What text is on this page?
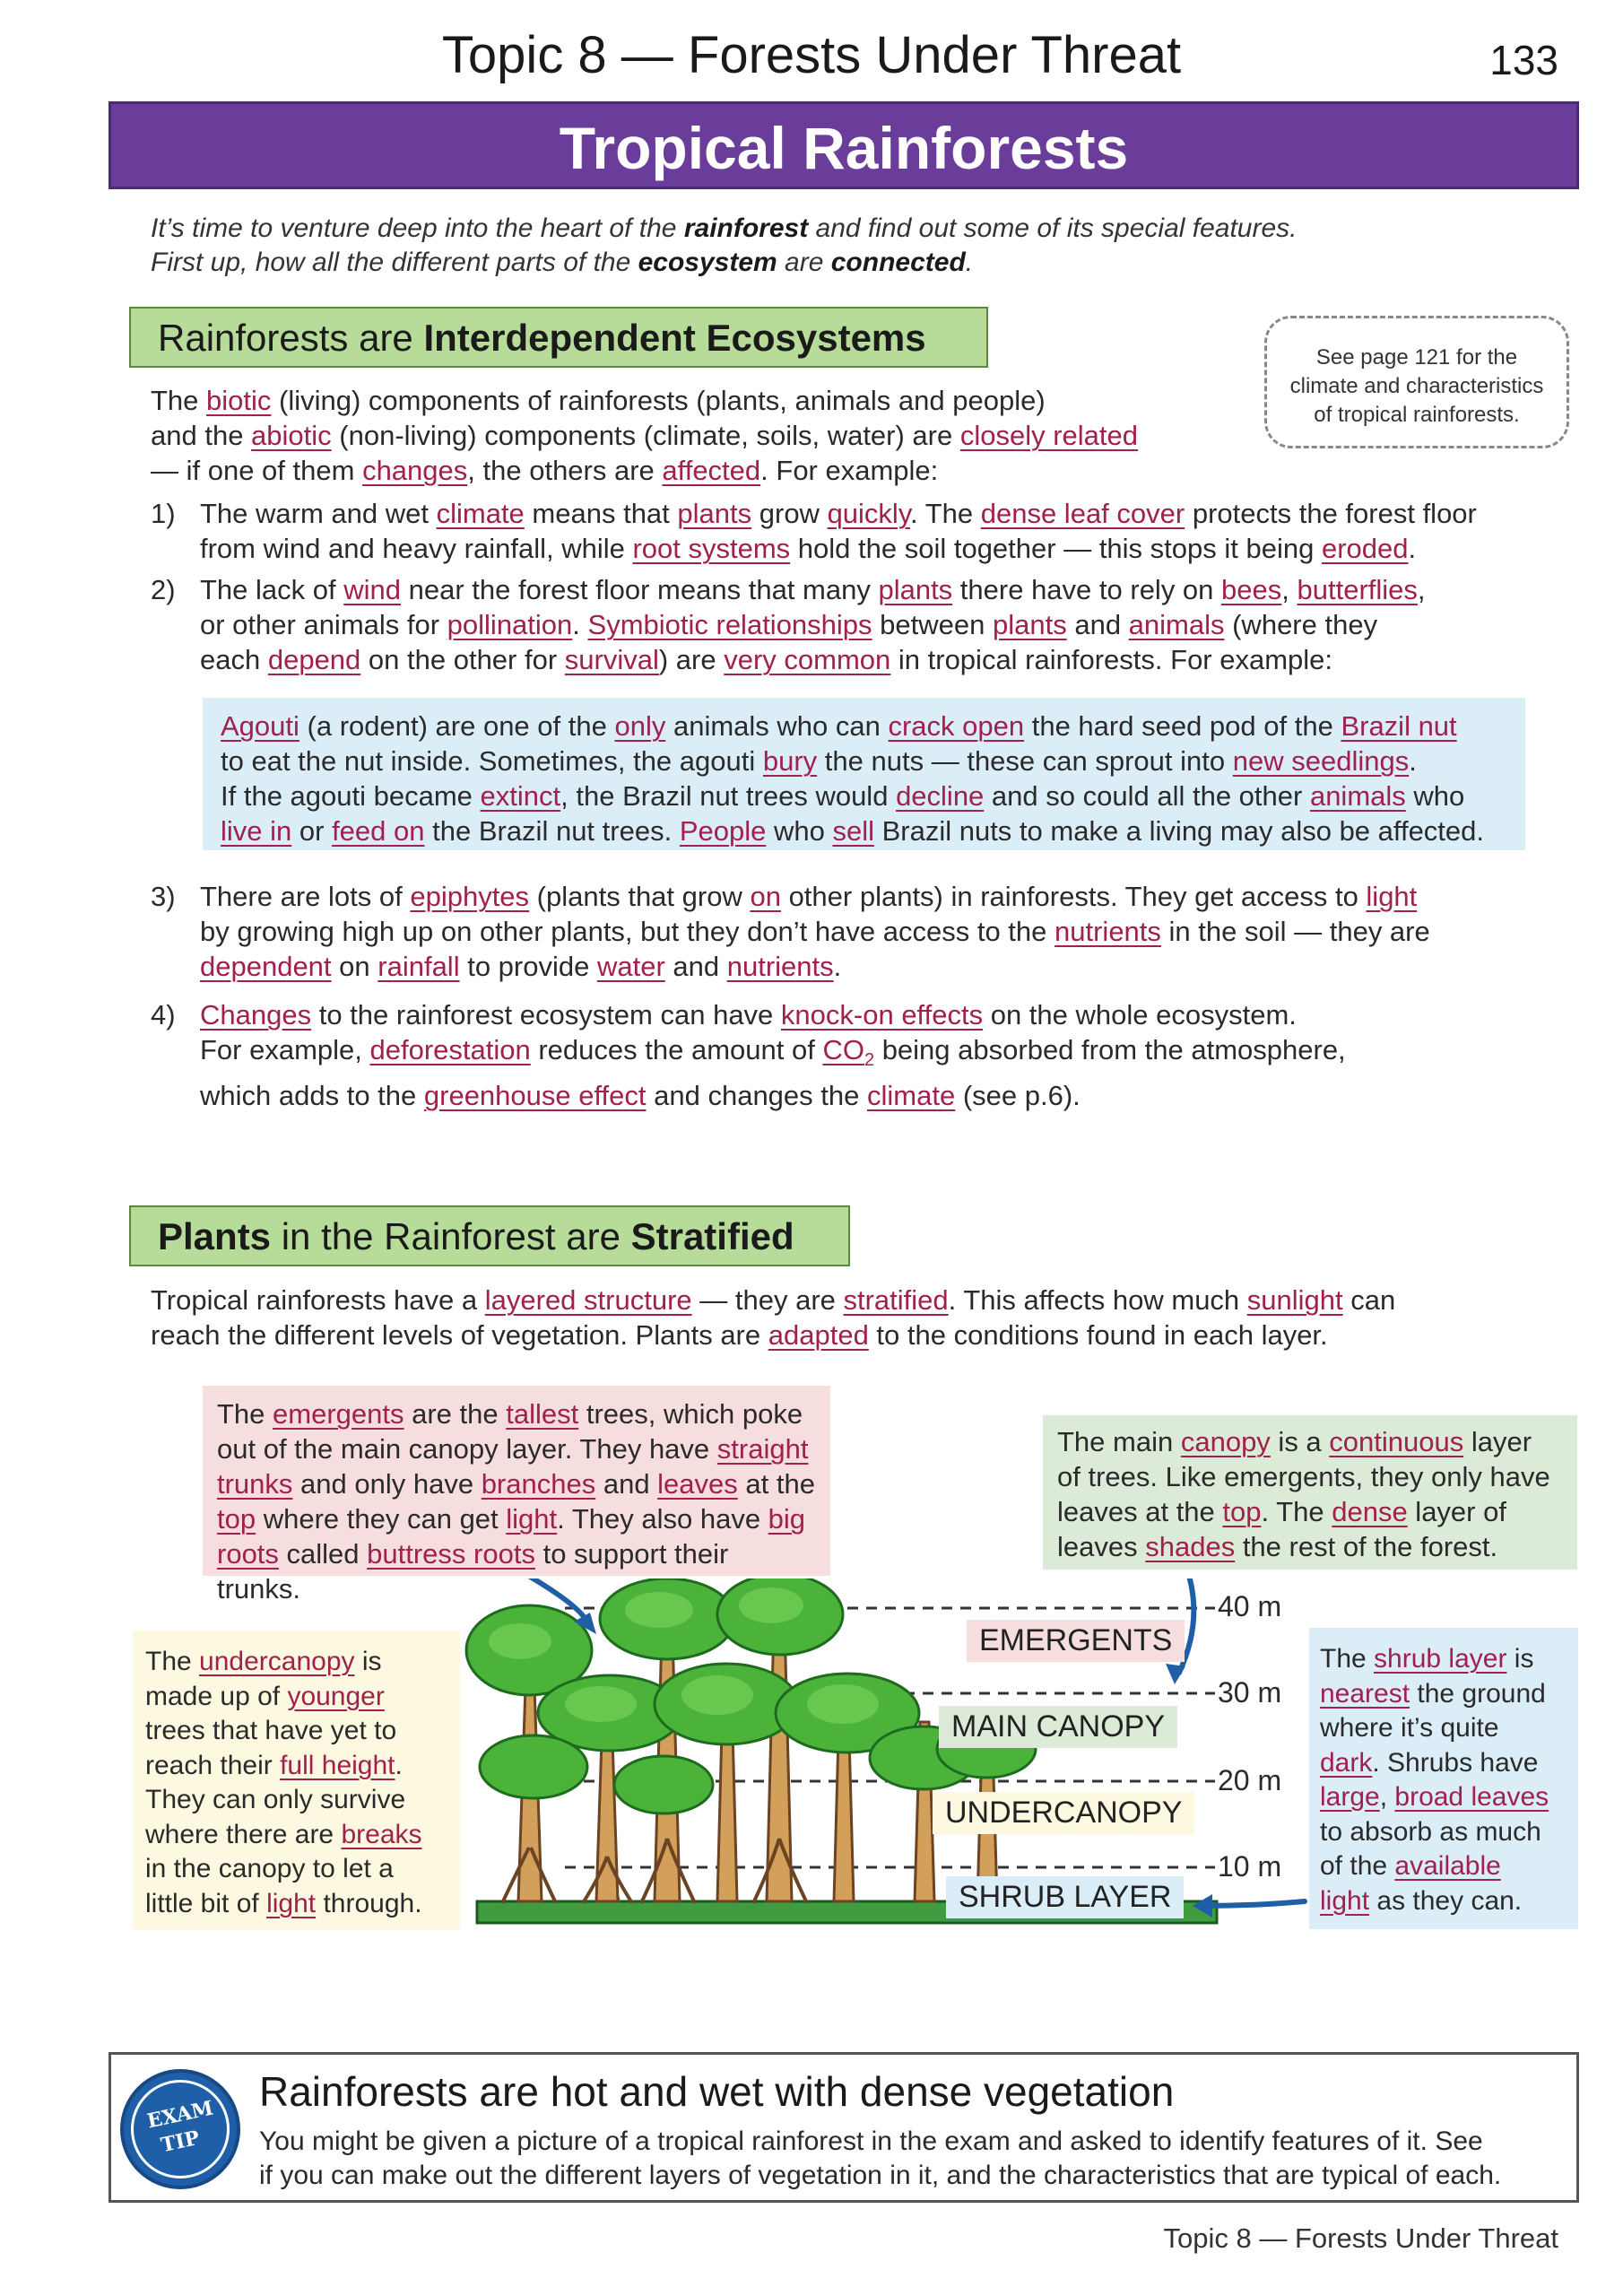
Topic 8 — Forests Under Threat	133
Tropical Rainforests
It’s time to venture deep into the heart of the rainforest and find out some of its special features.
First up, how all the different parts of the ecosystem are connected.
Rainforests are Interdependent Ecosystems	See page 121 for the
climate and characteristics
of tropical rainforests.
The biotic (living) components of rainforests (plants, animals and people)
and the abiotic (non-living) components (climate, soils, water) are closely related
— if one of them changes, the others are affected. For example:
1) The warm and wet climate means that plants grow quickly. The dense leaf cover protects the forest floor
from wind and heavy rainfall, while root systems hold the soil together — this stops it being eroded.
2) The lack of wind near the forest floor means that many plants there have to rely on bees, butterflies,
or other animals for pollination. Symbiotic relationships between plants and animals (where they
each depend on the other for survival) are very common in tropical rainforests. For example:
Agouti (a rodent) are one of the only animals who can crack open the hard seed pod of the Brazil nut
to eat the nut inside. Sometimes, the agouti bury the nuts — these can sprout into new seedlings.
If the agouti became extinct, the Brazil nut trees would decline and so could all the other animals who
live in or feed on the Brazil nut trees. People who sell Brazil nuts to make a living may also be affected.
3) There are lots of epiphytes (plants that grow on other plants) in rainforests. They get access to light
by growing high up on other plants, but they don’t have access to the nutrients in the soil — they are
dependent on rainfall to provide water and nutrients.
4) Changes to the rainforest ecosystem can have knock-on effects on the whole ecosystem.
For example, deforestation reduces the amount of $CO_2$ being absorbed from the atmosphere,
which adds to the greenhouse effect and changes the climate (see p.6).
Plants in the Rainforest are Stratified
Tropical rainforests have a layered structure — they are stratified. This affects how much sunlight can
reach the different levels of vegetation. Plants are adapted to the conditions found in each layer.
The emergents are the tallest trees, which poke
out of the main canopy layer. They have straight
trunks and only have branches and leaves at the
top where they can get light. They also have big
roots called buttress roots to support their trunks.
The main canopy is a continuous layer
of trees. Like emergents, they only have
leaves at the top. The dense layer of
leaves shades the rest of the forest.
The undercanopy is
made up of younger
trees that have yet to
reach their full height.
They can only survive
where there are breaks
in the canopy to let a
little bit of light through.
The shrub layer is
nearest the ground
where it’s quite
dark. Shrubs have
large, broad leaves
to absorb as much
of the available
light as they can.
EMERGENTS
MAIN CANOPY
UNDERCANOPY
SHRUB LAYER
40 m
30 m
20 m
10 m
EXAM
TIP
Rainforests are hot and wet with dense vegetation
You might be given a picture of a tropical rainforest in the exam and asked to identify features of it. See
if you can make out the different layers of vegetation in it, and the characteristics that are typical of each.
Topic 8 — Forests Under Threat
